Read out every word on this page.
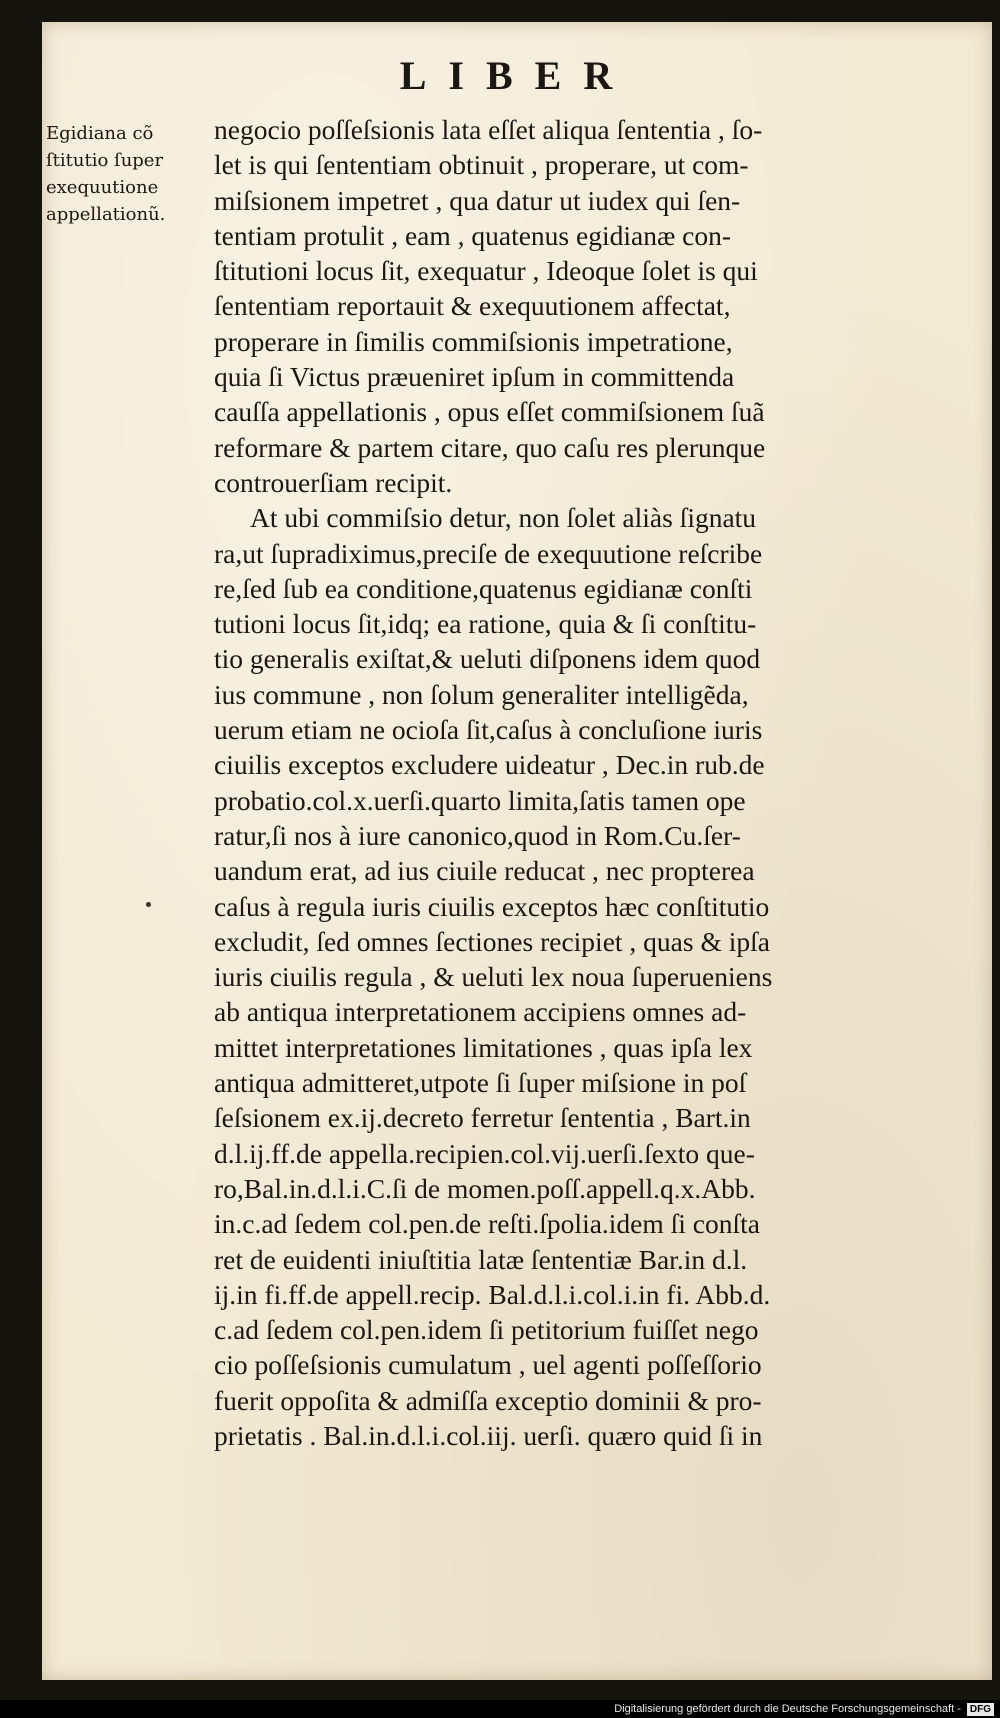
LIBER
Egidiana cõ
ſtitutio ſuper
exequutione
appellationũ.
negocio poſſeſsionis lata eſſet aliqua ſententia , ſo-
let is qui ſententiam obtinuit , properare, ut com-
miſsionem impetret , qua datur ut iudex qui ſen-
tentiam protulit , eam , quatenus egidianæ con-
ſtitutioni locus ſit, exequatur , Ideoque ſolet is qui
ſententiam reportauit & exequutionem affectat,
properare in ſimilis commiſsionis impetratione,
quia ſi Victus præueniret ipſum in committenda
cauſſa appellationis , opus eſſet commiſsionem ſuã
reformare & partem citare, quo caſu res plerunque
controuerſiam recipit.
At ubi commiſsio detur, non ſolet aliàs ſignatu
ra,ut ſupradiximus,preciſe de exequutione reſcribe
re,ſed ſub ea conditione,quatenus egidianæ conſti
tutioni locus ſit,idq; ea ratione, quia & ſi conſtitu-
tio generalis exiſtat,& ueluti diſponens idem quod
ius commune , non ſolum generaliter intelligẽda,
uerum etiam ne ocioſa ſit,caſus à concluſione iuris
ciuilis exceptos excludere uideatur , Dec.in rub.de
probatio.col.x.uerſi.quarto limita,ſatis tamen ope
ratur,ſi nos à iure canonico,quod in Rom.Cu.ſer-
uandum erat, ad ius ciuile reducat , nec propterea
caſus à regula iuris ciuilis exceptos hæc conſtitutio
excludit, ſed omnes ſectiones recipiet , quas & ipſa
iuris ciuilis regula , & ueluti lex noua ſuperueniens
ab antiqua interpretationem accipiens omnes ad-
mittet interpretationes limitationes , quas ipſa lex
antiqua admitteret,utpote ſi ſuper miſsione in poſ
ſeſsionem ex.ij.decreto ferretur ſententia , Bart.in
d.l.ij.ff.de appella.recipien.col.vij.uerſi.ſexto que-
ro,Bal.in.d.l.i.C.ſi de momen.poſſ.appell.q.x.Abb.
in.c.ad ſedem col.pen.de reſti.ſpolia.idem ſi conſta
ret de euidenti iniuſtitia latæ ſententiæ Bar.in d.l.
ij.in fi.ff.de appell.recip. Bal.d.l.i.col.i.in fi. Abb.d.
c.ad ſedem col.pen.idem ſi petitorium fuiſſet nego
cio poſſeſsionis cumulatum , uel agenti poſſeſſorio
fuerit oppoſita & admiſſa exceptio dominii & pro-
prietatis . Bal.in.d.l.i.col.iij. uerſi. quæro quid ſi in
Digitalisierung gefördert durch die Deutsche Forschungsgemeinschaft - DFG
